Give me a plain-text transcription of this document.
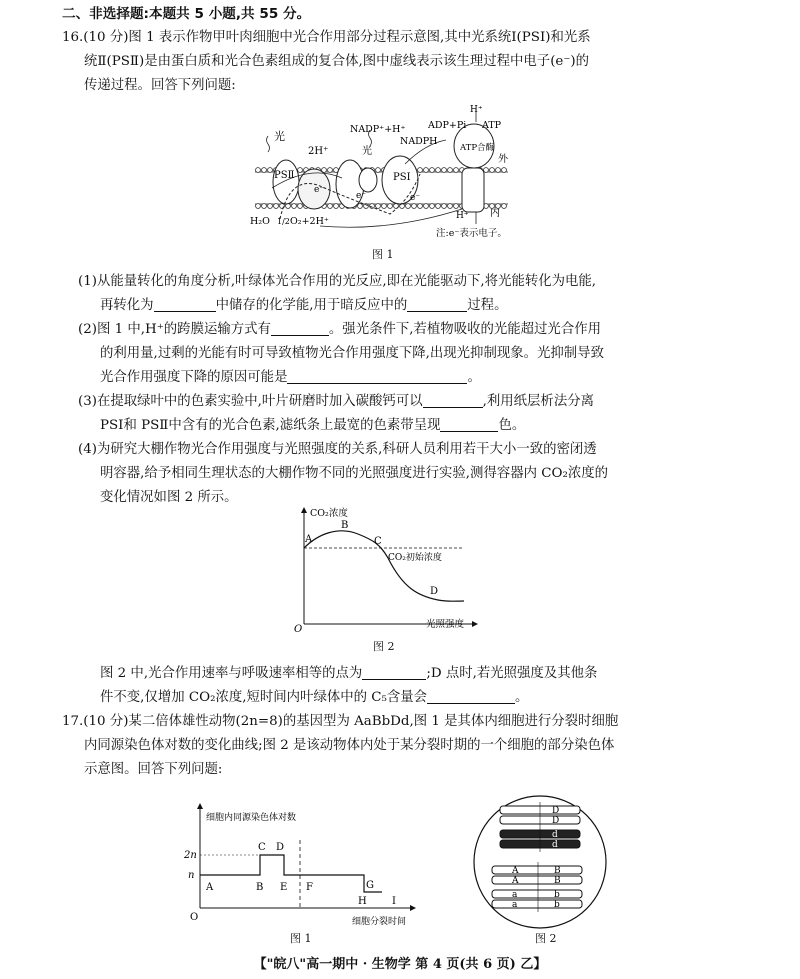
二、非选择题:本题共 5 小题,共 55 分。
16.(10 分)图 1 表示作物甲叶肉细胞中光合作用部分过程示意图,其中光系统Ⅰ(PSⅠ)和光系
统Ⅱ(PSⅡ)是由蛋白质和光合色素组成的复合体,图中虚线表示该生理过程中电子(e⁻)的
传递过程。回答下列问题:
光
PSⅡ
2H⁺
e⁻
e⁻	e⁻
NADP⁺+H⁺
光
NADPH
PSⅠ
ADP+Pi ATP
H⁺
ATP合酶
外
内
H⁺
H₂O 1/2 O₂+2H⁺
注:e⁻表示电子。
图 1
(1)从能量转化的角度分析,叶绿体光合作用的光反应,即在光能驱动下,将光能转化为电能,
再转化为	中储存的化学能,用于暗反应中的	过程。
(2)图 1 中,H⁺的跨膜运输方式有	。强光条件下,若植物吸收的光能超过光合作用
的利用量,过剩的光能有时可导致植物光合作用强度下降,出现光抑制现象。光抑制导致
光合作用强度下降的原因可能是	。
(3)在提取绿叶中的色素实验中,叶片研磨时加入碳酸钙可以	,利用纸层析法分离
PSⅠ和 PSⅡ中含有的光合色素,滤纸条上最宽的色素带呈现	色。
(4)为研究大棚作物光合作用强度与光照强度的关系,科研人员利用若干大小一致的密闭透
明容器,给予相同生理状态的大棚作物不同的光照强度进行实验,测得容器内 CO₂浓度的
变化情况如图 2 所示。
CO₂浓度
O	光照强度
CO₂初始浓度
A
B
C
D
图 2
图 2 中,光合作用速率与呼吸速率相等的点为	;D 点时,若光照强度及其他条
件不变,仅增加 CO₂浓度,短时间内叶绿体中的 C₅含量会	。
17.(10 分)某二倍体雄性动物(2n=8)的基因型为 AaBbDd,图 1 是其体内细胞进行分裂时细胞
内同源染色体对数的变化曲线;图 2 是该动物体内处于某分裂时期的一个细胞的部分染色体
示意图。回答下列问题:
细胞内同源染色体对数
2n
n
O
A	B
C D
E F	G
H	I
细胞分裂时间
图 1
D
D
d
d
A
A
a
a
B
B
b
b
图 2
【"皖八"高一期中 · 生物学 第 4 页(共 6 页) 乙】
